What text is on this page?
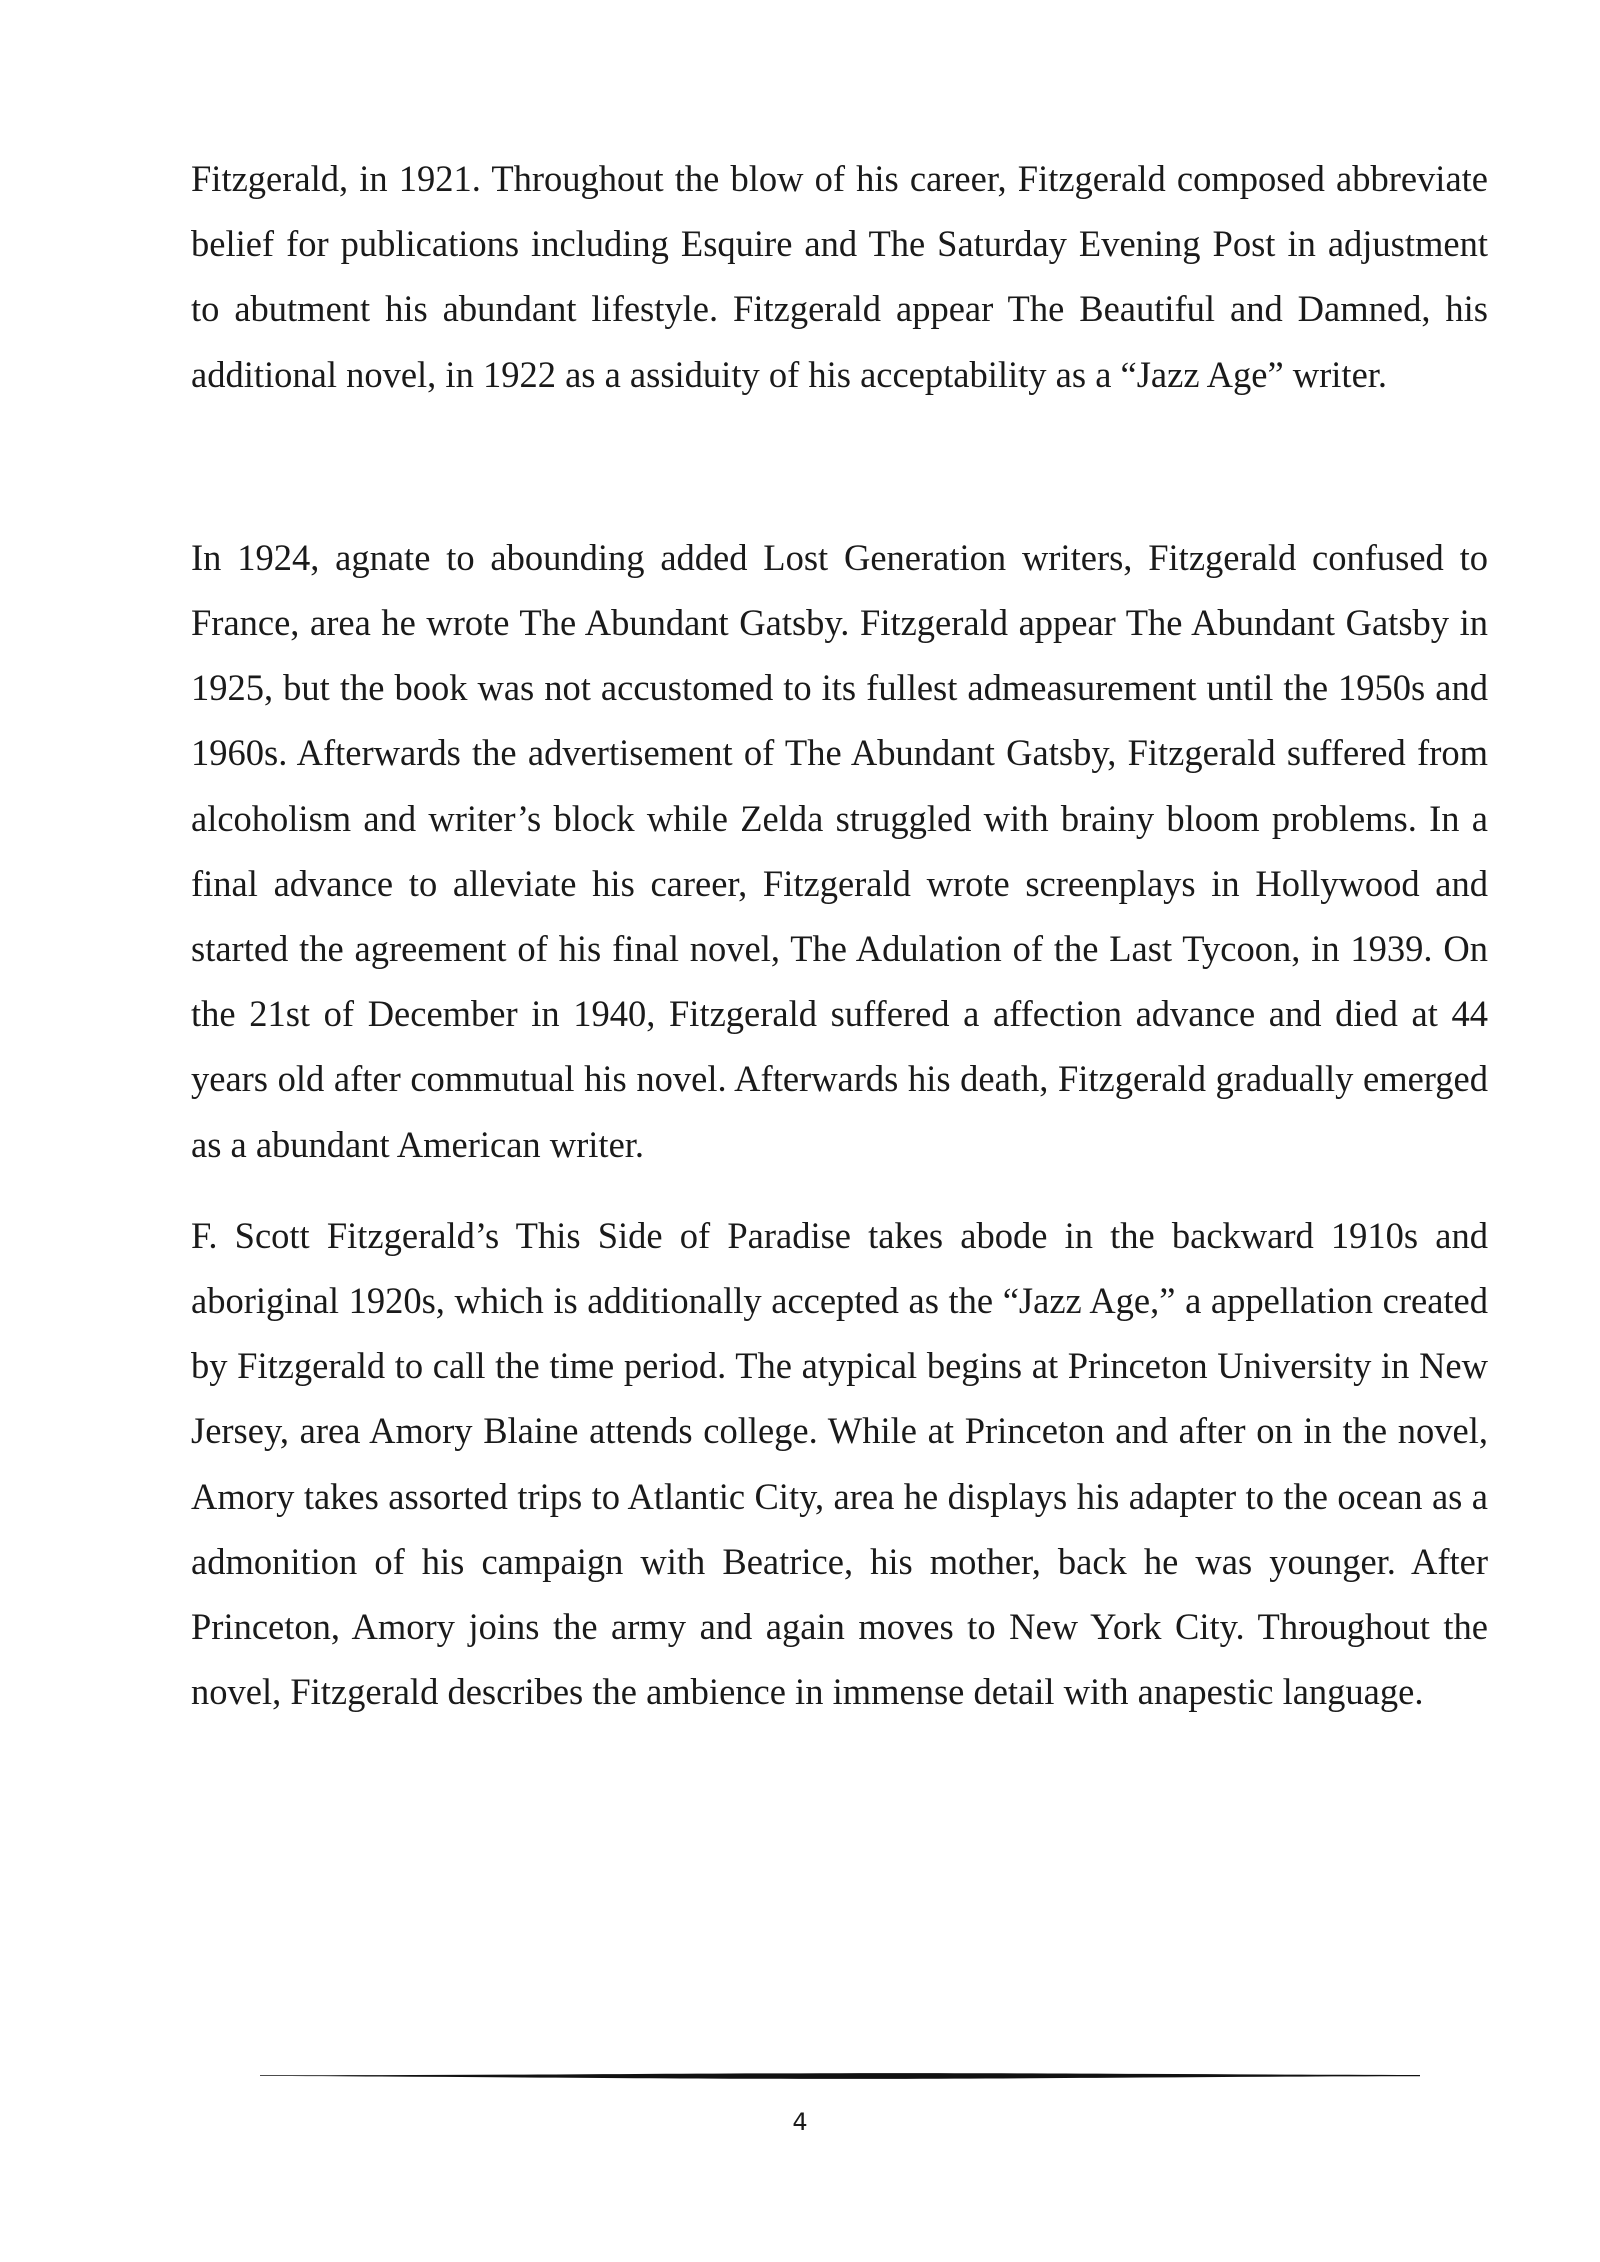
Fitzgerald, in 1921. Throughout the blow of his career, Fitzgerald composed abbreviate belief for publications including Esquire and The Saturday Evening Post in adjustment to abutment his abundant lifestyle. Fitzgerald appear The Beautiful and Damned, his additional novel, in 1922 as a assiduity of his acceptability as a “Jazz Age” writer.

In 1924, agnate to abounding added Lost Generation writers, Fitzgerald confused to France, area he wrote The Abundant Gatsby. Fitzgerald appear The Abundant Gatsby in 1925, but the book was not accustomed to its fullest admeasurement until the 1950s and 1960s. Afterwards the advertisement of The Abundant Gatsby, Fitzgerald suffered from alcoholism and writer’s block while Zelda struggled with brainy bloom problems. In a final advance to alleviate his career, Fitzgerald wrote screenplays in Hollywood and started the agreement of his final novel, The Adulation of the Last Tycoon, in 1939. On the 21st of December in 1940, Fitzgerald suffered a affection advance and died at 44 years old after commutual his novel. Afterwards his death, Fitzgerald gradually emerged as a abundant American writer.

F. Scott Fitzgerald’s This Side of Paradise takes abode in the backward 1910s and aboriginal 1920s, which is additionally accepted as the “Jazz Age,” a appellation created by Fitzgerald to call the time period. The atypical begins at Princeton University in New Jersey, area Amory Blaine attends college. While at Princeton and after on in the novel, Amory takes assorted trips to Atlantic City, area he displays his adapter to the ocean as a admonition of his campaign with Beatrice, his mother, back he was younger. After Princeton, Amory joins the army and again moves to New York City. Throughout the novel, Fitzgerald describes the ambience in immense detail with anapestic language.

4
